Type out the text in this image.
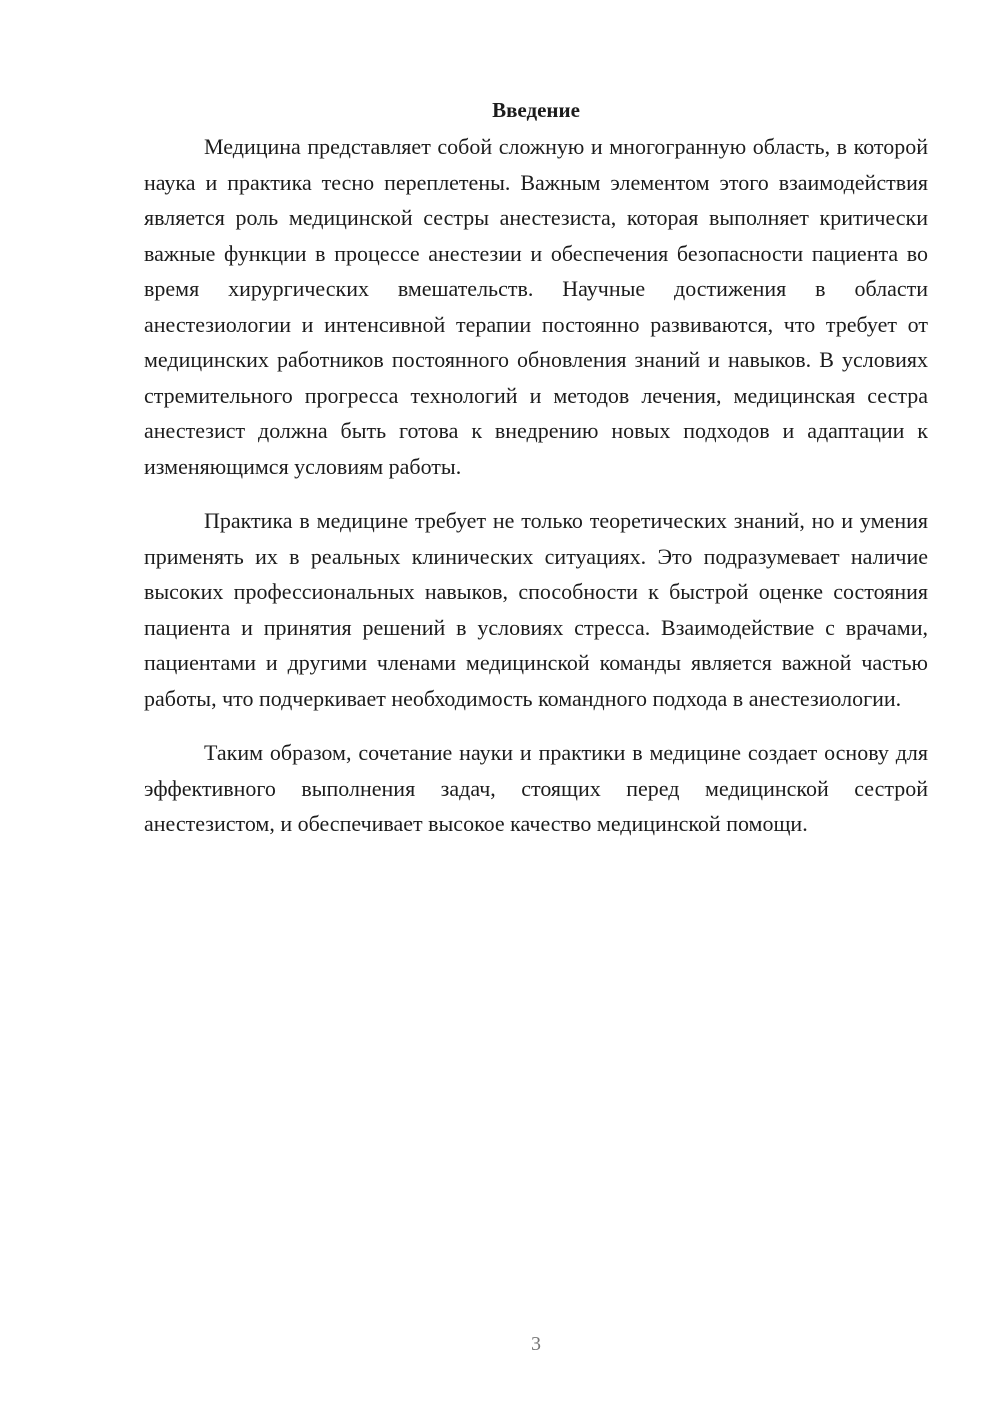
Введение

Медицина представляет собой сложную и многогранную область, в которой наука и практика тесно переплетены. Важным элементом этого взаимодействия является роль медицинской сестры анестезиста, которая выполняет критически важные функции в процессе анестезии и обеспечения безопасности пациента во время хирургических вмешательств. Научные достижения в области анестезиологии и интенсивной терапии постоянно развиваются, что требует от медицинских работников постоянного обновления знаний и навыков. В условиях стремительного прогресса технологий и методов лечения, медицинская сестра анестезист должна быть готова к внедрению новых подходов и адаптации к изменяющимся условиям работы.

Практика в медицине требует не только теоретических знаний, но и умения применять их в реальных клинических ситуациях. Это подразумевает наличие высоких профессиональных навыков, способности к быстрой оценке состояния пациента и принятия решений в условиях стресса. Взаимодействие с врачами, пациентами и другими членами медицинской команды является важной частью работы, что подчеркивает необходимость командного подхода в анестезиологии.

Таким образом, сочетание науки и практики в медицине создает основу для эффективного выполнения задач, стоящих перед медицинской сестрой анестезистом, и обеспечивает высокое качество медицинской помощи.

3
